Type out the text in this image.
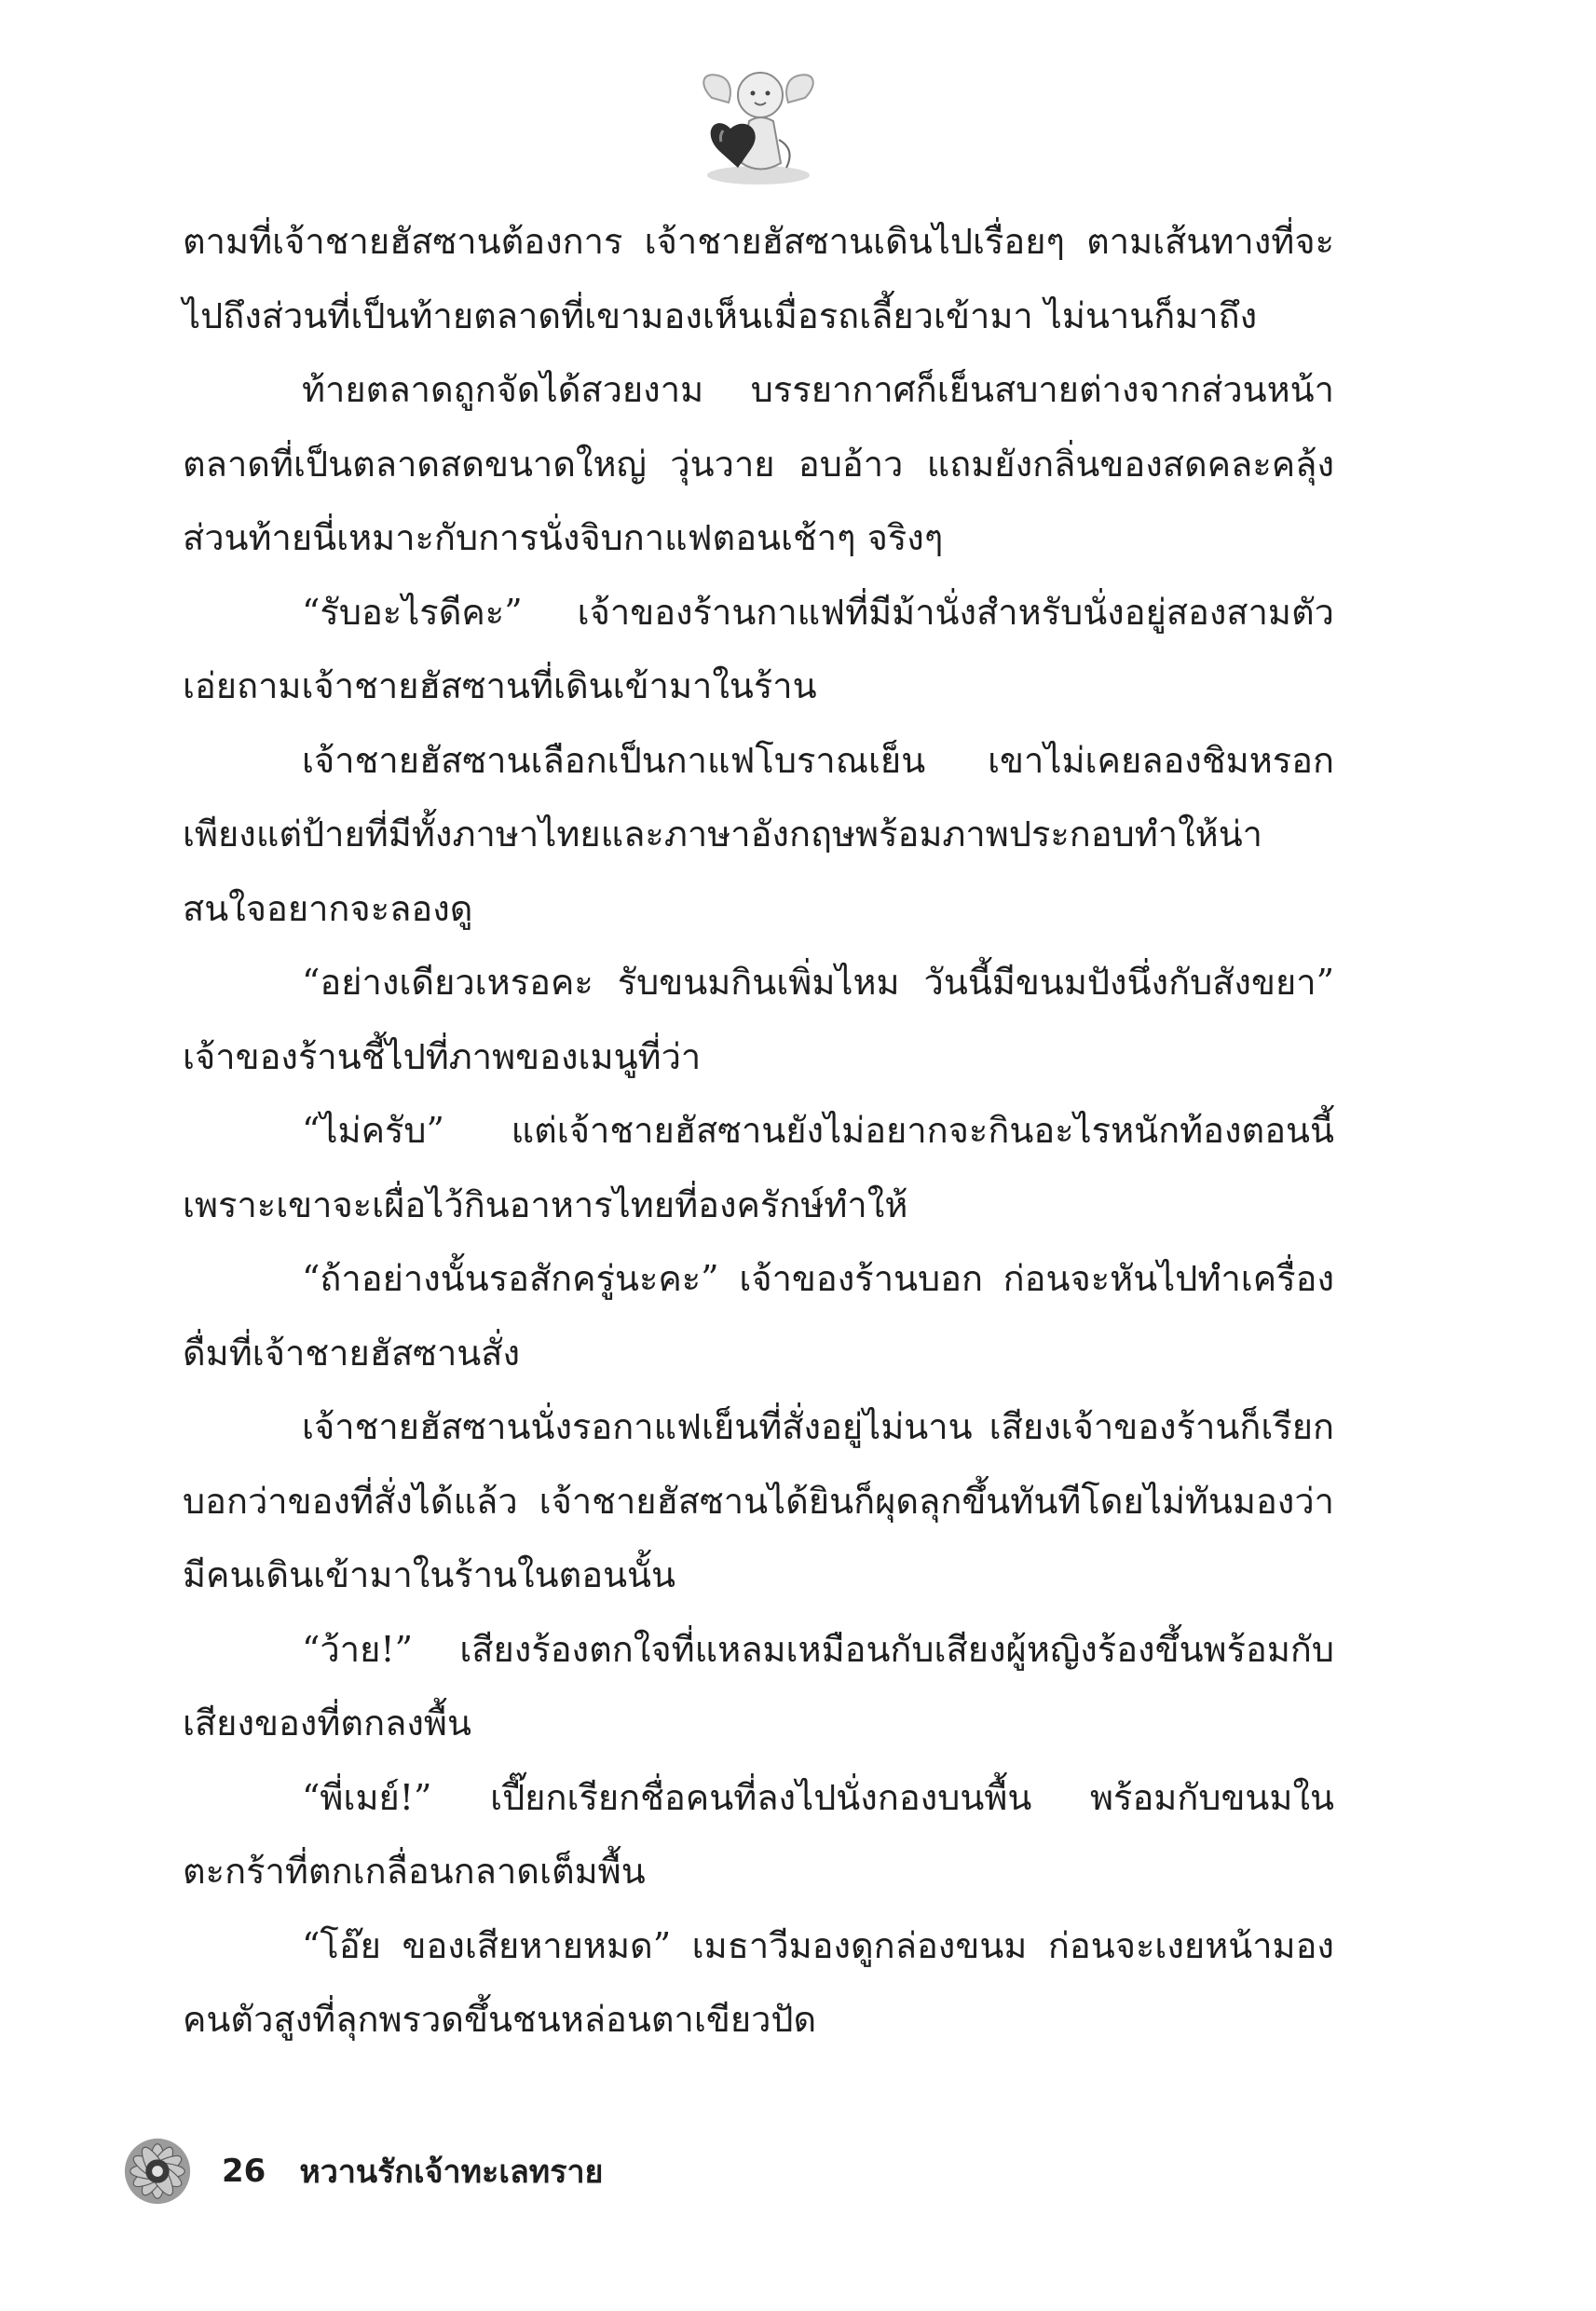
ตามที่เจ้าชายฮัสซานต้องการ เจ้าชายฮัสซานเดินไปเรื่อยๆ ตามเส้นทางที่จะไปถึงส่วนที่เป็นท้ายตลาดที่เขามองเห็นเมื่อรถเลี้ยวเข้ามา ไม่นานก็มาถึง

ท้ายตลาดถูกจัดได้สวยงาม บรรยากาศก็เย็นสบายต่างจากส่วนหน้าตลาดที่เป็นตลาดสดขนาดใหญ่ วุ่นวาย อบอ้าว แถมยังกลิ่นของสดคละคลุ้ง ส่วนท้ายนี่เหมาะกับการนั่งจิบกาแฟตอนเช้าๆ จริงๆ

“รับอะไรดีคะ” เจ้าของร้านกาแฟที่มีม้านั่งสำหรับนั่งอยู่สองสามตัวเอ่ยถามเจ้าชายฮัสซานที่เดินเข้ามาในร้าน

เจ้าชายฮัสซานเลือกเป็นกาแฟโบราณเย็น เขาไม่เคยลองชิมหรอกเพียงแต่ป้ายที่มีทั้งภาษาไทยและภาษาอังกฤษพร้อมภาพประกอบทำให้น่าสนใจอยากจะลองดู

“อย่างเดียวเหรอคะ รับขนมกินเพิ่มไหม วันนี้มีขนมปังนึ่งกับสังขยา” เจ้าของร้านชี้ไปที่ภาพของเมนูที่ว่า

“ไม่ครับ” แต่เจ้าชายฮัสซานยังไม่อยากจะกินอะไรหนักท้องตอนนี้เพราะเขาจะเผื่อไว้กินอาหารไทยที่องครักษ์ทำให้

“ถ้าอย่างนั้นรอสักครู่นะคะ” เจ้าของร้านบอก ก่อนจะหันไปทำเครื่องดื่มที่เจ้าชายฮัสซานสั่ง

เจ้าชายฮัสซานนั่งรอกาแฟเย็นที่สั่งอยู่ไม่นาน เสียงเจ้าของร้านก็เรียกบอกว่าของที่สั่งได้แล้ว เจ้าชายฮัสซานได้ยินก็ผุดลุกขึ้นทันทีโดยไม่ทันมองว่ามีคนเดินเข้ามาในร้านในตอนนั้น

“ว้าย!” เสียงร้องตกใจที่แหลมเหมือนกับเสียงผู้หญิงร้องขึ้นพร้อมกับเสียงของที่ตกลงพื้น

“พี่เมย์!” เปี๊ยกเรียกชื่อคนที่ลงไปนั่งกองบนพื้น พร้อมกับขนมในตะกร้าที่ตกเกลื่อนกลาดเต็มพื้น

“โอ๊ย ของเสียหายหมด” เมธาวีมองดูกล่องขนม ก่อนจะเงยหน้ามองคนตัวสูงที่ลุกพรวดขึ้นชนหล่อนตาเขียวปัด

26 หวานรักเจ้าทะเลทราย
